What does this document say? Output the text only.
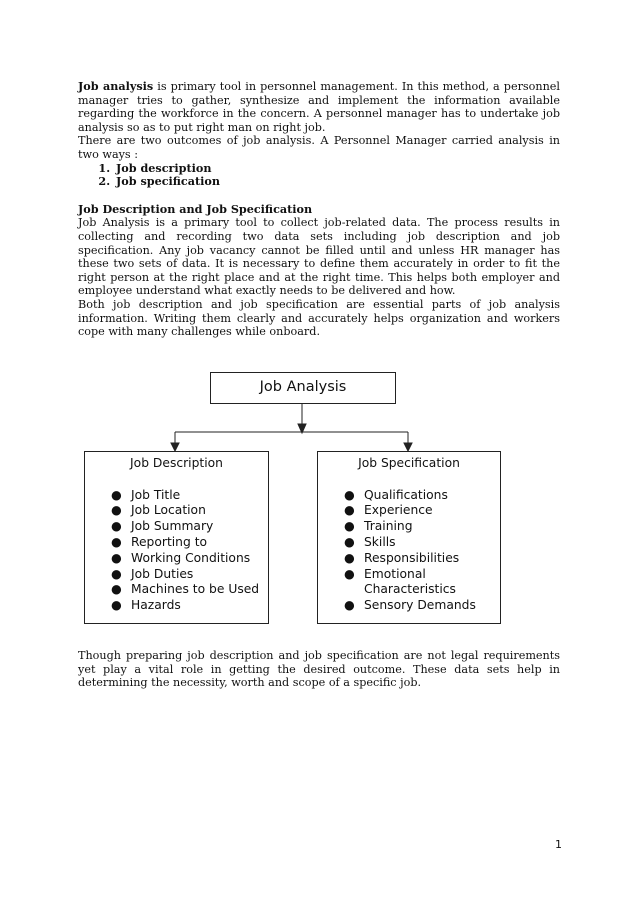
Job analysis is primary tool in personnel management. In this method, a personnel manager tries to gather, synthesize and implement the information available regarding the workforce in the concern. A personnel manager has to undertake job analysis so as to put right man on right job.

There are two outcomes of job analysis. A Personnel Manager carried analysis in two ways :

1. Job description
2. Job specification

Job Description and Job Specification

Job Analysis is a primary tool to collect job-related data. The process results in collecting and recording two data sets including job description and job specification. Any job vacancy cannot be filled until and unless HR manager has these two sets of data. It is necessary to define them accurately in order to fit the right person at the right place and at the right time. This helps both employer and employee understand what exactly needs to be delivered and how.

Both job description and job specification are essential parts of job analysis information. Writing them clearly and accurately helps organization and workers cope with many challenges while onboard.

Job Analysis
Job Description
● Job Title
● Job Location
● Job Summary
● Reporting to
● Working Conditions
● Job Duties
● Machines to be Used
● Hazards
Job Specification
● Qualifications
● Experience
● Training
● Skills
● Responsibilities
● Emotional Characteristics
● Sensory Demands

Though preparing job description and job specification are not legal requirements yet play a vital role in getting the desired outcome. These data sets help in determining the necessity, worth and scope of a specific job.

1
